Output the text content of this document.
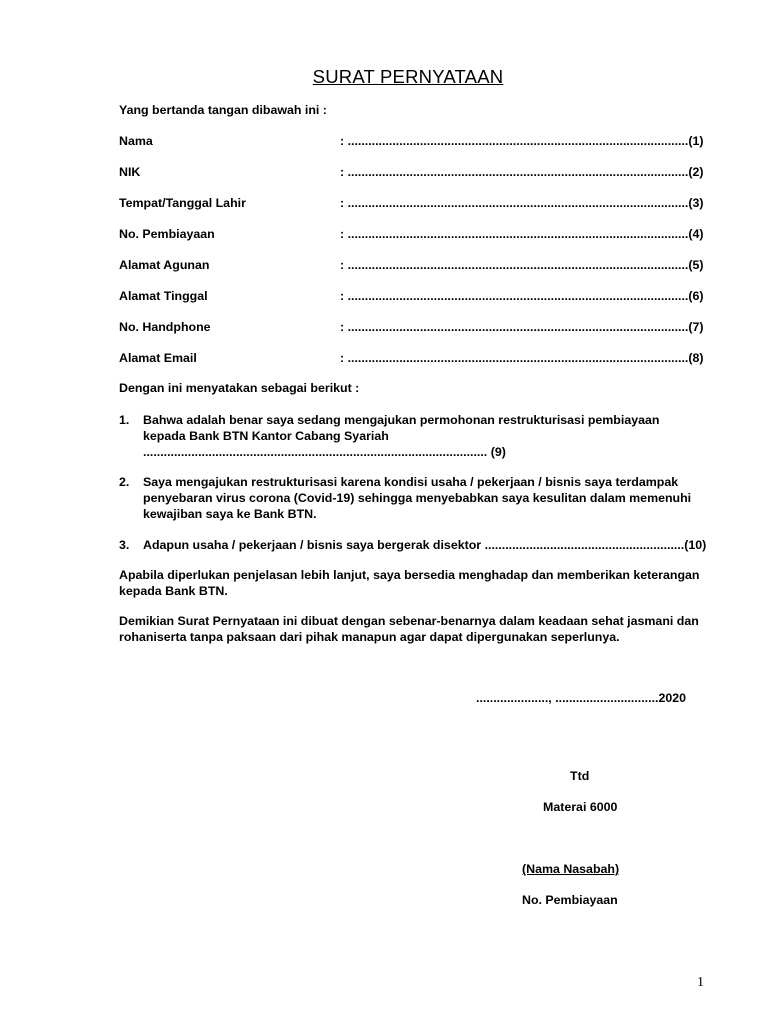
SURAT PERNYATAAN
Yang bertanda tangan dibawah ini :
Nama	: ...................................................................................................(1)
NIK	: ...................................................................................................(2)
Tempat/Tanggal Lahir	: ...................................................................................................(3)
No. Pembiayaan	: ...................................................................................................(4)
Alamat Agunan	: ...................................................................................................(5)
Alamat Tinggal	: ...................................................................................................(6)
No. Handphone	: ...................................................................................................(7)
Alamat Email	: ...................................................................................................(8)
Dengan ini menyatakan sebagai berikut :
1. Bahwa adalah benar saya sedang mengajukan permohonan restrukturisasi pembiayaan
kepada Bank BTN Kantor Cabang Syariah
.................................................................................................... (9)
2. Saya mengajukan restrukturisasi karena kondisi usaha / pekerjaan / bisnis saya terdampak
penyebaran virus corona (Covid-19) sehingga menyebabkan saya kesulitan dalam memenuhi
kewajiban saya ke Bank BTN.
3. Adapun usaha / pekerjaan / bisnis saya bergerak disektor ..........................................................(10)
Apabila diperlukan penjelasan lebih lanjut, saya bersedia menghadap dan memberikan keterangan kepada Bank BTN.
Demikian Surat Pernyataan ini dibuat dengan sebenar-benarnya dalam keadaan sehat jasmani dan rohaniserta tanpa paksaan dari pihak manapun agar dapat dipergunakan seperlunya.
....................., ..............................2020
Ttd
Materai 6000
(Nama Nasabah)
No. Pembiayaan
1
